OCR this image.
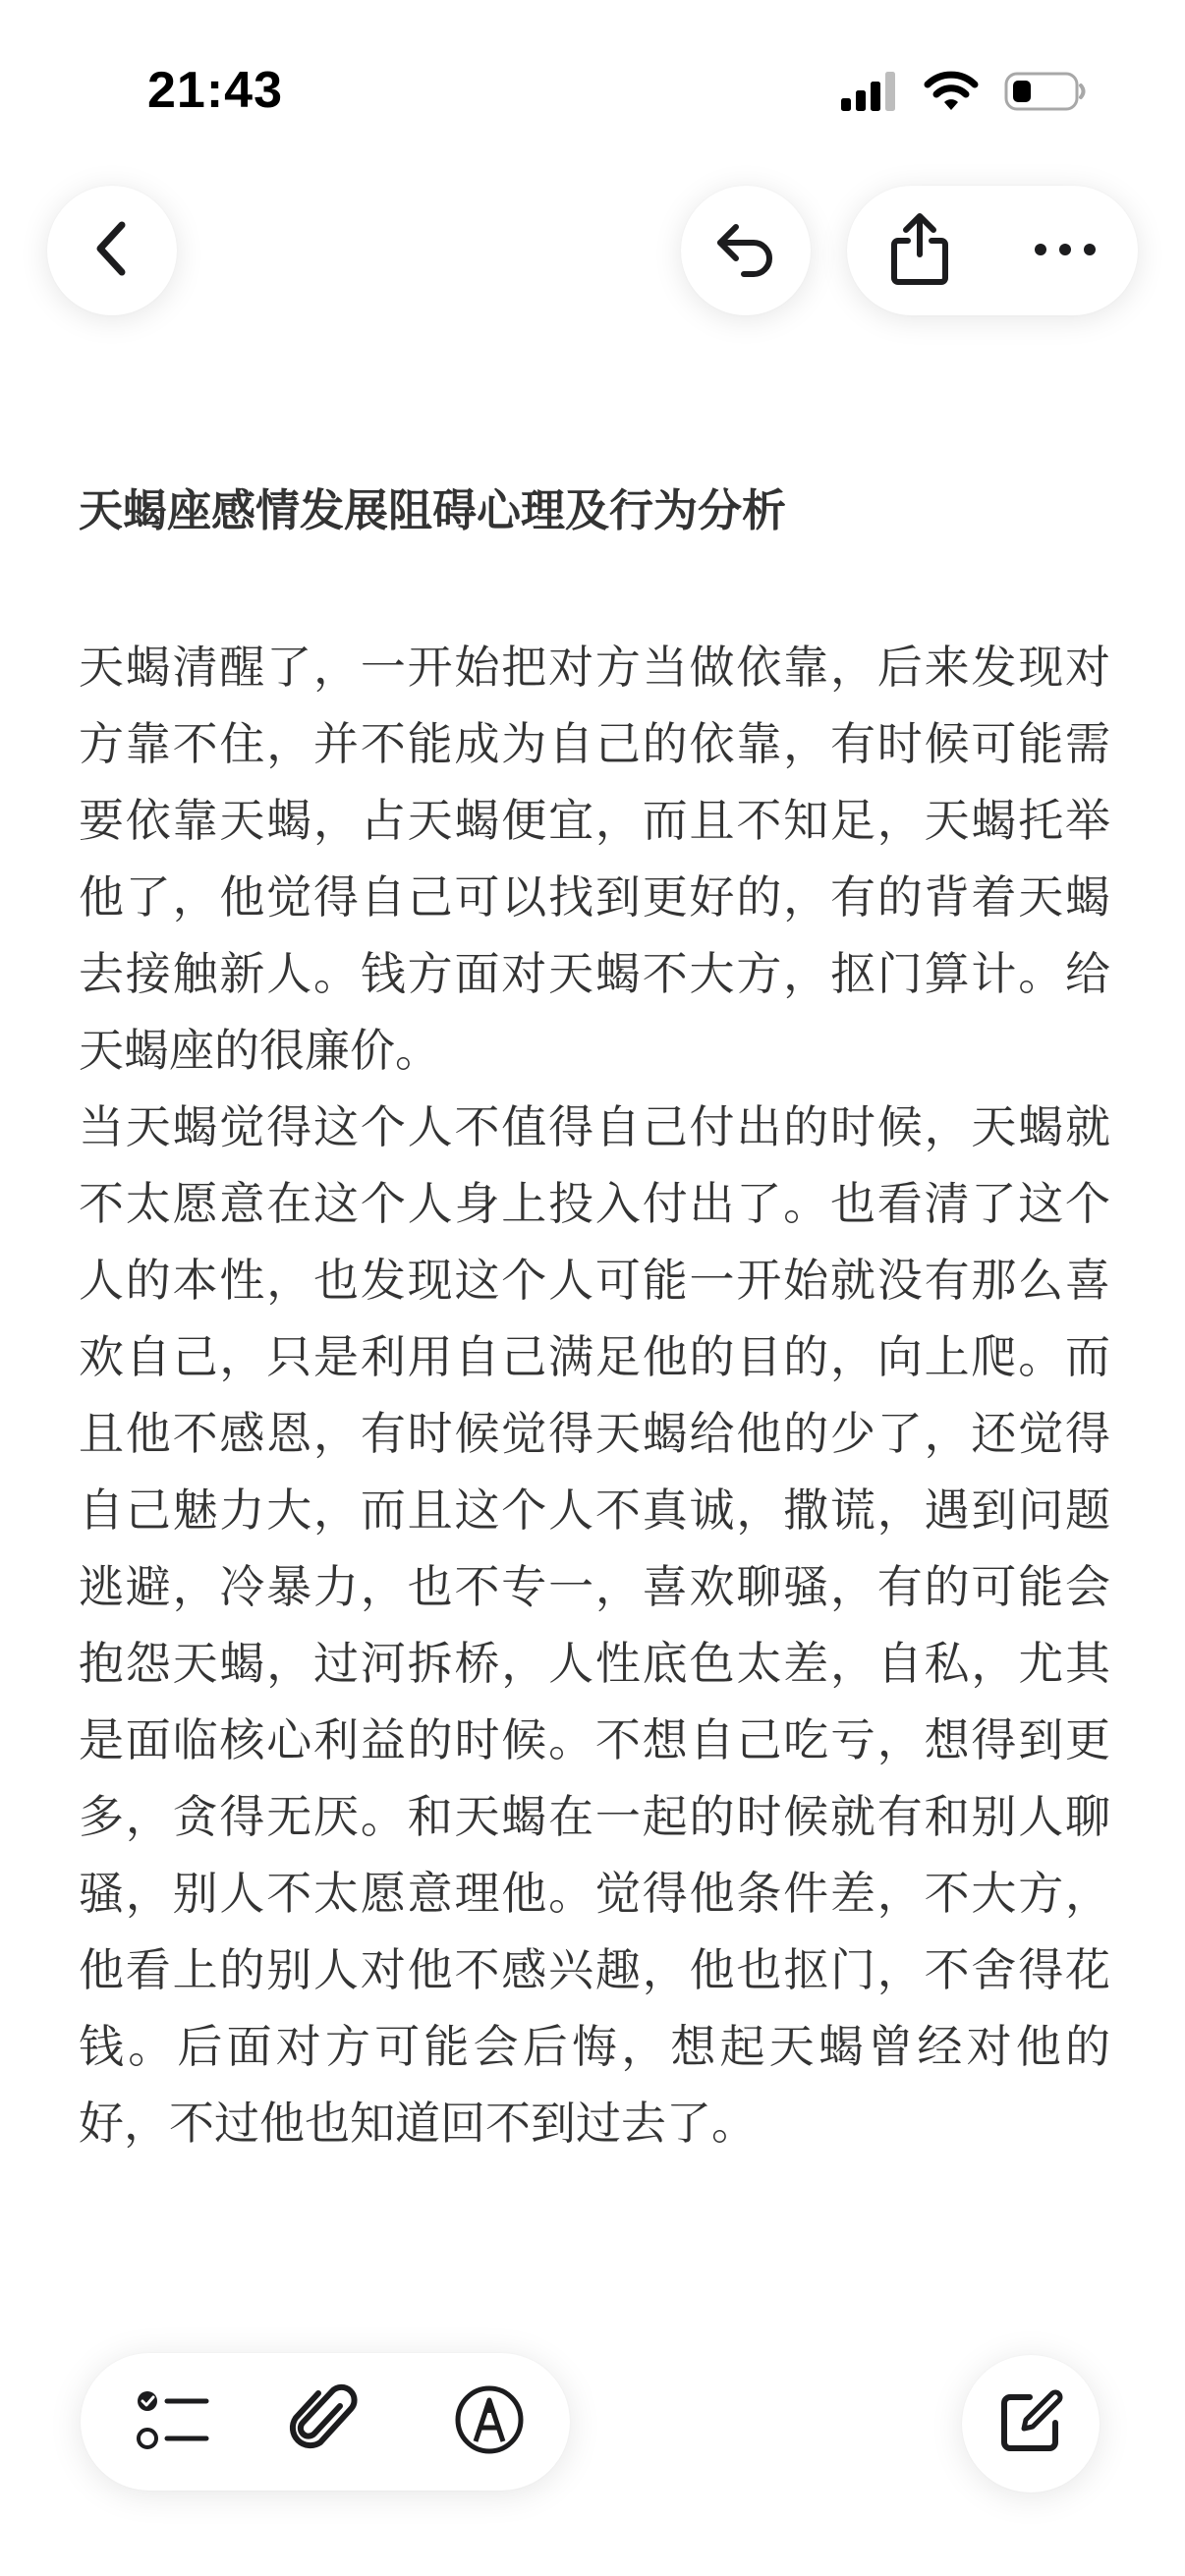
21:43
天蝎座感情发展阻碍心理及行为分析

天蝎清醒了，一开始把对方当做依靠，后来发现对方靠不住，并不能成为自己的依靠，有时候可能需要依靠天蝎，占天蝎便宜，而且不知足，天蝎托举他了，他觉得自己可以找到更好的，有的背着天蝎去接触新人。钱方面对天蝎不大方，抠门算计。给天蝎座的很廉价。

当天蝎觉得这个人不值得自己付出的时候，天蝎就不太愿意在这个人身上投入付出了。也看清了这个人的本性，也发现这个人可能一开始就没有那么喜欢自己，只是利用自己满足他的目的，向上爬。而且他不感恩，有时候觉得天蝎给他的少了，还觉得自己魅力大，而且这个人不真诚，撒谎，遇到问题逃避，冷暴力，也不专一，喜欢聊骚，有的可能会抱怨天蝎，过河拆桥，人性底色太差，自私，尤其是面临核心利益的时候。不想自己吃亏，想得到更多，贪得无厌。和天蝎在一起的时候就有和别人聊骚，别人不太愿意理他。觉得他条件差，不大方，他看上的别人对他不感兴趣，他也抠门，不舍得花钱。后面对方可能会后悔，想起天蝎曾经对他的好，不过他也知道回不到过去了。
